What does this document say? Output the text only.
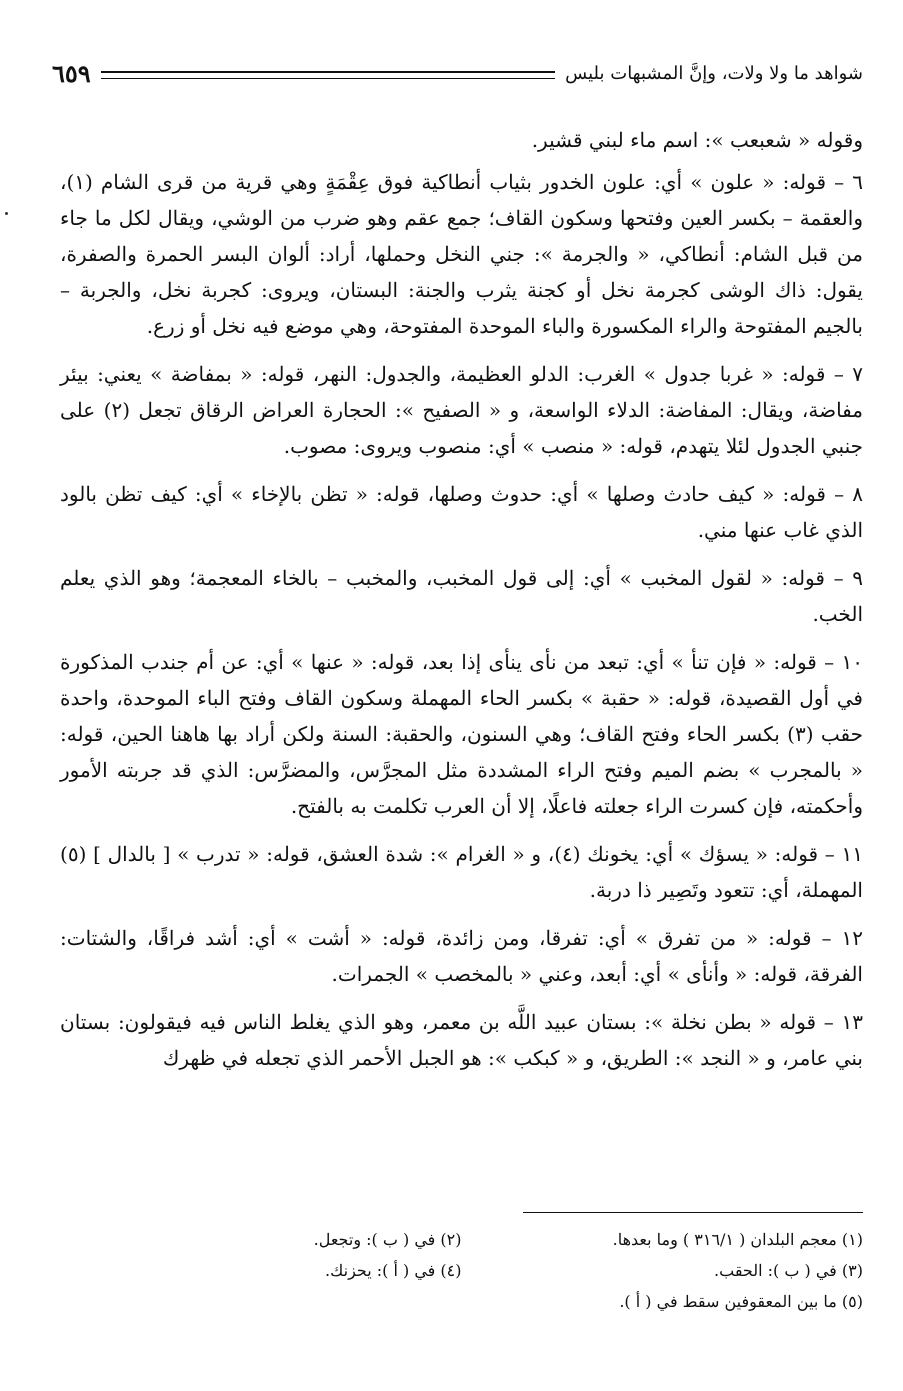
شواهد ما ولا ولات، وإنَّ المشبهات بليس
٦٥٩

وقوله « شعبعب »: اسم ماء لبني قشير.

٦ – قوله: « علون » أي: علون الخدور بثياب أنطاكية فوق عِقْمَةٍ وهي قرية من قرى الشام (١)، والعقمة – بكسر العين وفتحها وسكون القاف؛ جمع عقم وهو ضرب من الوشي، ويقال لكل ما جاء من قبل الشام: أنطاكي، « والجرمة »: جني النخل وحملها، أراد: ألوان البسر الحمرة والصفرة، يقول: ذاك الوشى كجرمة نخل أو كجنة يثرب والجنة: البستان، ويروى: كجربة نخل، والجربة – بالجيم المفتوحة والراء المكسورة والباء الموحدة المفتوحة، وهي موضع فيه نخل أو زرع.

٧ – قوله: « غربا جدول » الغرب: الدلو العظيمة، والجدول: النهر، قوله: « بمفاضة » يعني: بيئر مفاضة، ويقال: المفاضة: الدلاء الواسعة، و « الصفيح »: الحجارة العراض الرقاق تجعل (٢) على جنبي الجدول لئلا يتهدم، قوله: « منصب » أي: منصوب ويروى: مصوب.

٨ – قوله: « كيف حادث وصلها » أي: حدوث وصلها، قوله: « تظن بالإخاء » أي: كيف تظن بالود الذي غاب عنها مني.

٩ – قوله: « لقول المخبب » أي: إلى قول المخبب، والمخبب – بالخاء المعجمة؛ وهو الذي يعلم الخب.

١٠ – قوله: « فإن تنأ » أي: تبعد من نأى ينأى إذا بعد، قوله: « عنها » أي: عن أم جندب المذكورة في أول القصيدة، قوله: « حقبة » بكسر الحاء المهملة وسكون القاف وفتح الباء الموحدة، واحدة حقب (٣) بكسر الحاء وفتح القاف؛ وهي السنون، والحقبة: السنة ولكن أراد بها هاهنا الحين، قوله: « بالمجرب » بضم الميم وفتح الراء المشددة مثل المجرَّس، والمضرَّس: الذي قد جربته الأمور وأحكمته، فإن كسرت الراء جعلته فاعلًا، إلا أن العرب تكلمت به بالفتح.

١١ – قوله: « يسؤك » أي: يخونك (٤)، و « الغرام »: شدة العشق، قوله: « تدرب » [ بالدال ] (٥) المهملة، أي: تتعود وتَصِير ذا دربة.

١٢ – قوله: « من تفرق » أي: تفرقا، ومن زائدة، قوله: « أشت » أي: أشد فراقًا، والشتات: الفرقة، قوله: « وأنأى » أي: أبعد، وعني « بالمخصب » الجمرات.

١٣ – قوله « بطن نخلة »: بستان عبيد اللَّه بن معمر، وهو الذي يغلط الناس فيه فيقولون: بستان بني عامر، و « النجد »: الطريق، و « كبكب »: هو الجبل الأحمر الذي تجعله في ظهرك

(١) معجم البلدان ( ٣١٦/١ ) وما بعدها.
(٢) في ( ب ): وتجعل.
(٣) في ( ب ): الحقب.
(٤) في ( أ ): يحزنك.
(٥) ما بين المعقوفين سقط في ( أ ).
